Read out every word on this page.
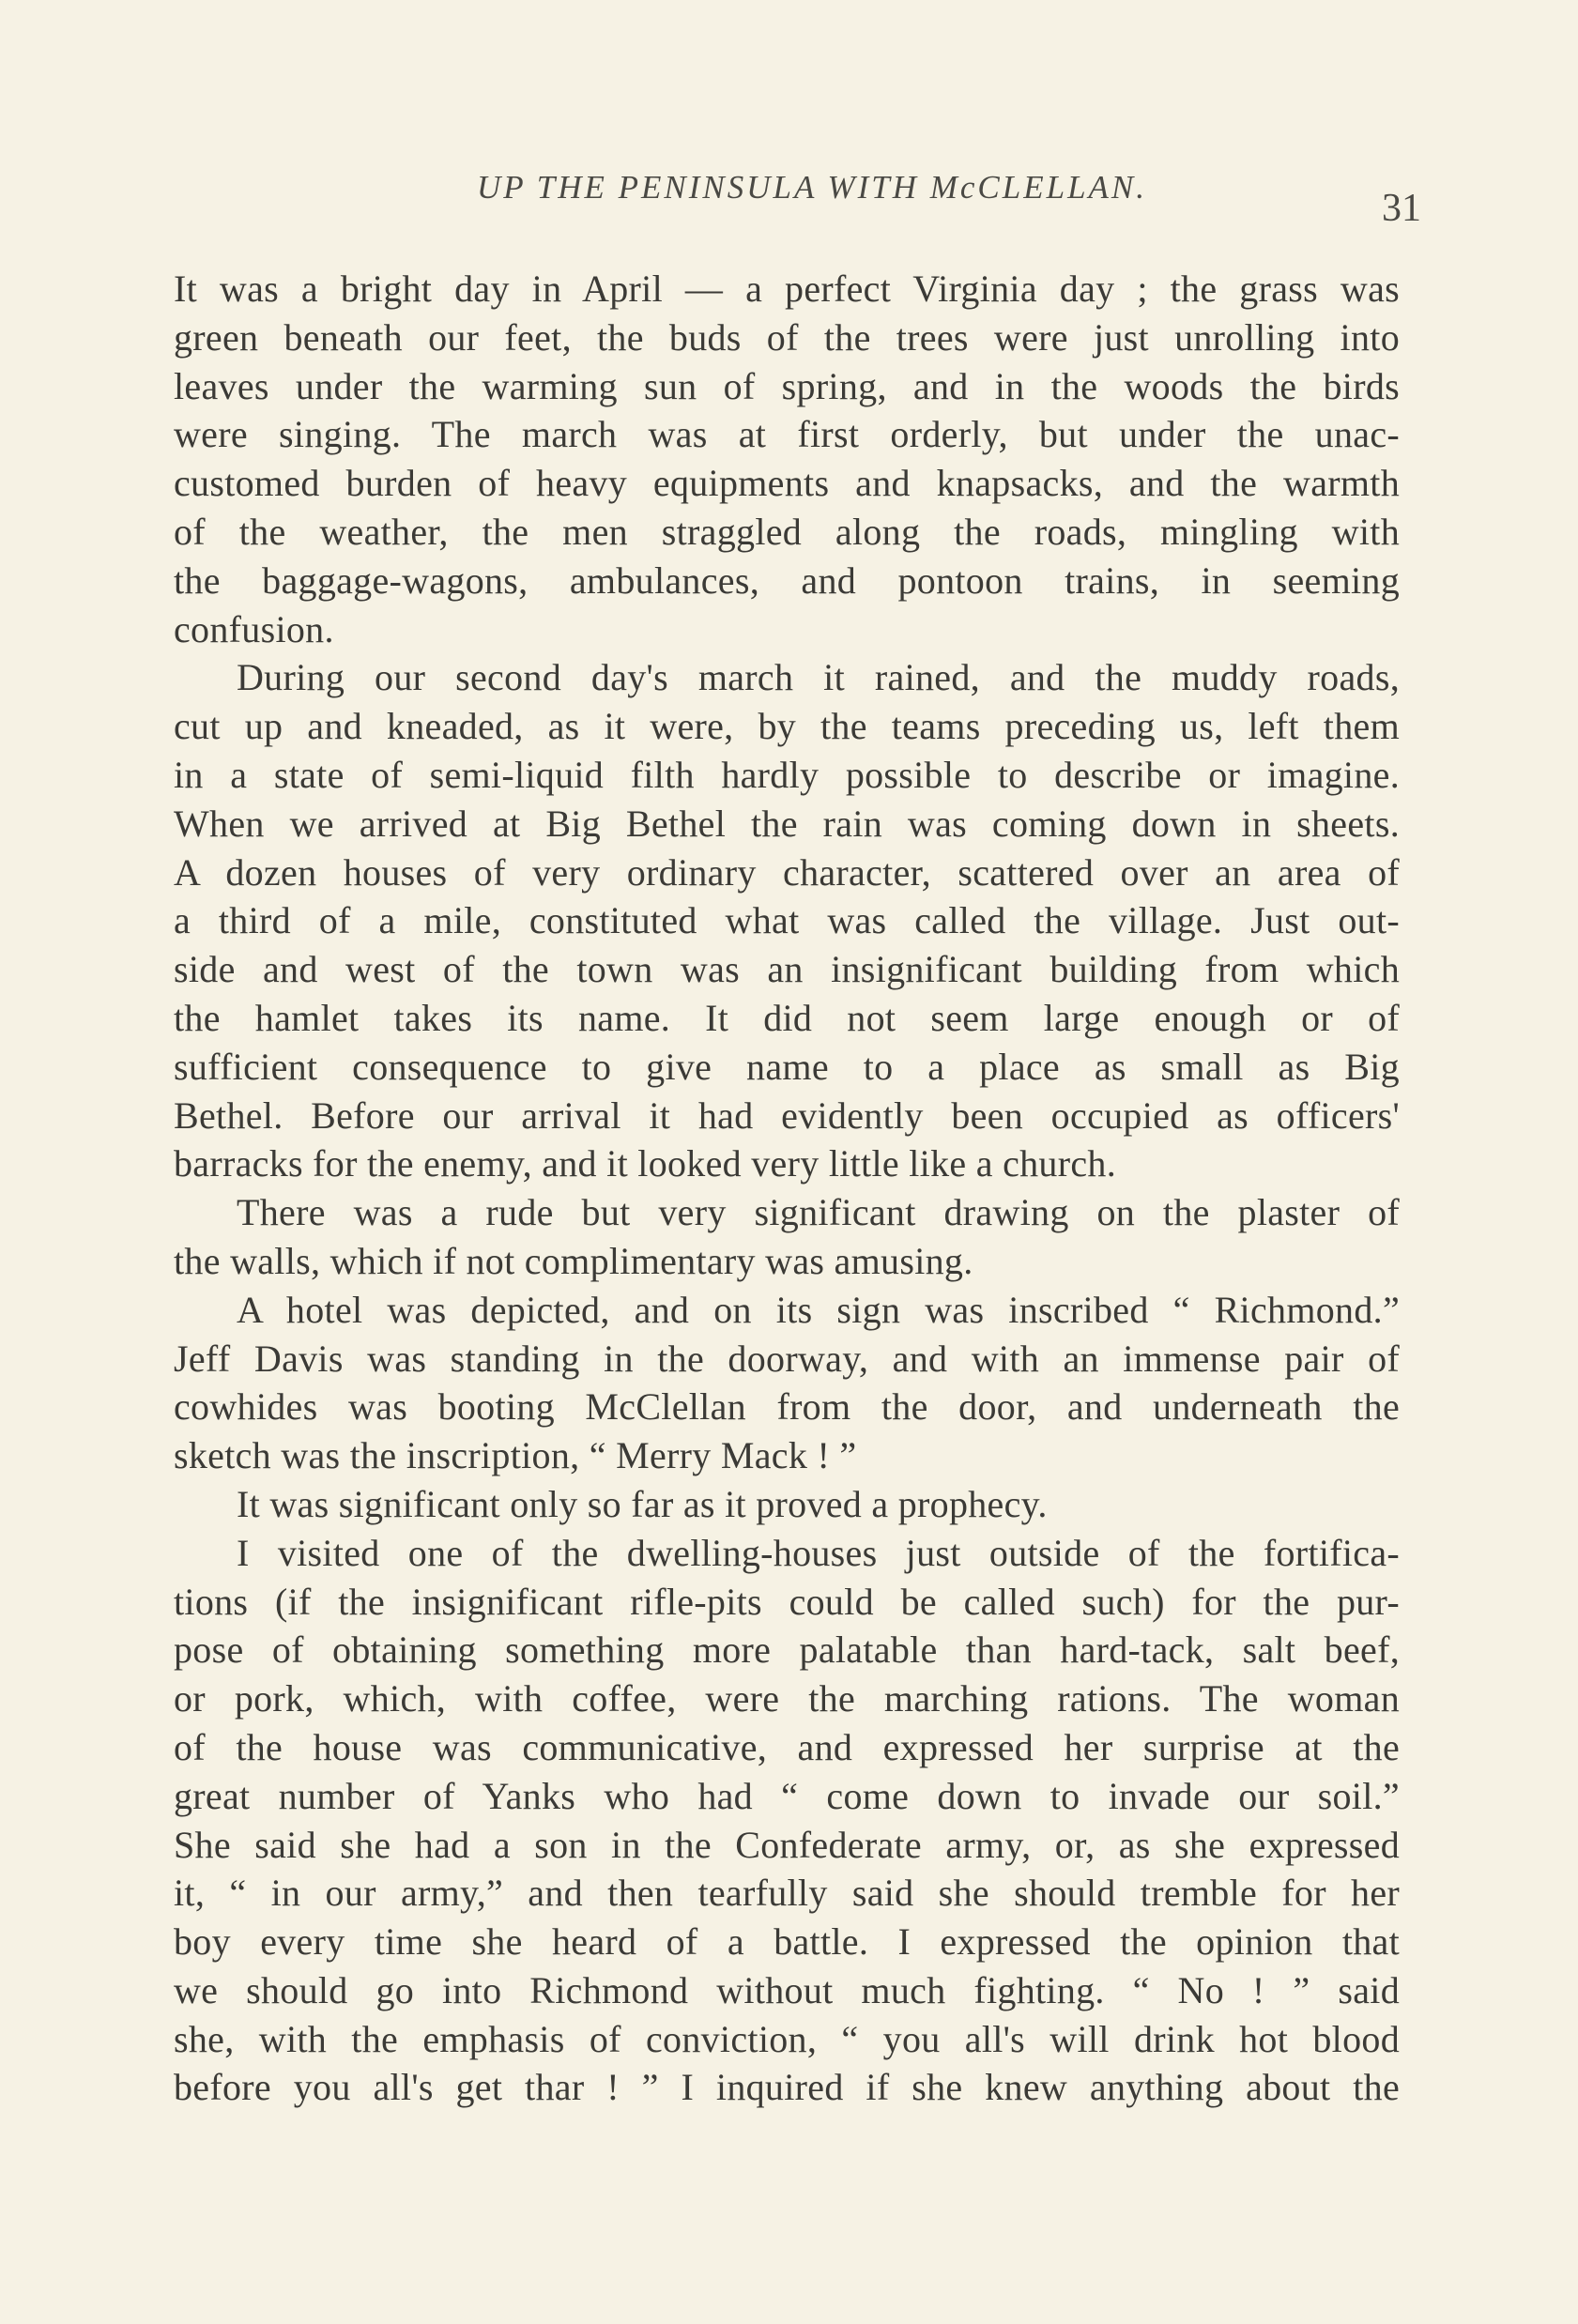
UP THE PENINSULA WITH McCLELLAN.	31
It was a bright day in April — a perfect Virginia day ; the grass was
green beneath our feet, the buds of the trees were just unrolling into
leaves under the warming sun of spring, and in the woods the birds
were singing. The march was at first orderly, but under the unac-
customed burden of heavy equipments and knapsacks, and the warmth
of the weather, the men straggled along the roads, mingling with
the baggage-wagons, ambulances, and pontoon trains, in seeming
confusion.
During our second day's march it rained, and the muddy roads,
cut up and kneaded, as it were, by the teams preceding us, left them
in a state of semi-liquid filth hardly possible to describe or imagine.
When we arrived at Big Bethel the rain was coming down in sheets.
A dozen houses of very ordinary character, scattered over an area of
a third of a mile, constituted what was called the village. Just out-
side and west of the town was an insignificant building from which
the hamlet takes its name. It did not seem large enough or of
sufficient consequence to give name to a place as small as Big
Bethel. Before our arrival it had evidently been occupied as officers'
barracks for the enemy, and it looked very little like a church.
There was a rude but very significant drawing on the plaster of
the walls, which if not complimentary was amusing.
A hotel was depicted, and on its sign was inscribed “ Richmond.”
Jeff Davis was standing in the doorway, and with an immense pair of
cowhides was booting McClellan from the door, and underneath the
sketch was the inscription, “ Merry Mack ! ”
It was significant only so far as it proved a prophecy.
I visited one of the dwelling-houses just outside of the fortifica-
tions (if the insignificant rifle-pits could be called such) for the pur-
pose of obtaining something more palatable than hard-tack, salt beef,
or pork, which, with coffee, were the marching rations. The woman
of the house was communicative, and expressed her surprise at the
great number of Yanks who had “ come down to invade our soil.”
She said she had a son in the Confederate army, or, as she expressed
it, “ in our army,” and then tearfully said she should tremble for her
boy every time she heard of a battle. I expressed the opinion that
we should go into Richmond without much fighting. “ No ! ” said
she, with the emphasis of conviction, “ you all's will drink hot blood
before you all's get thar ! ” I inquired if she knew anything about the
